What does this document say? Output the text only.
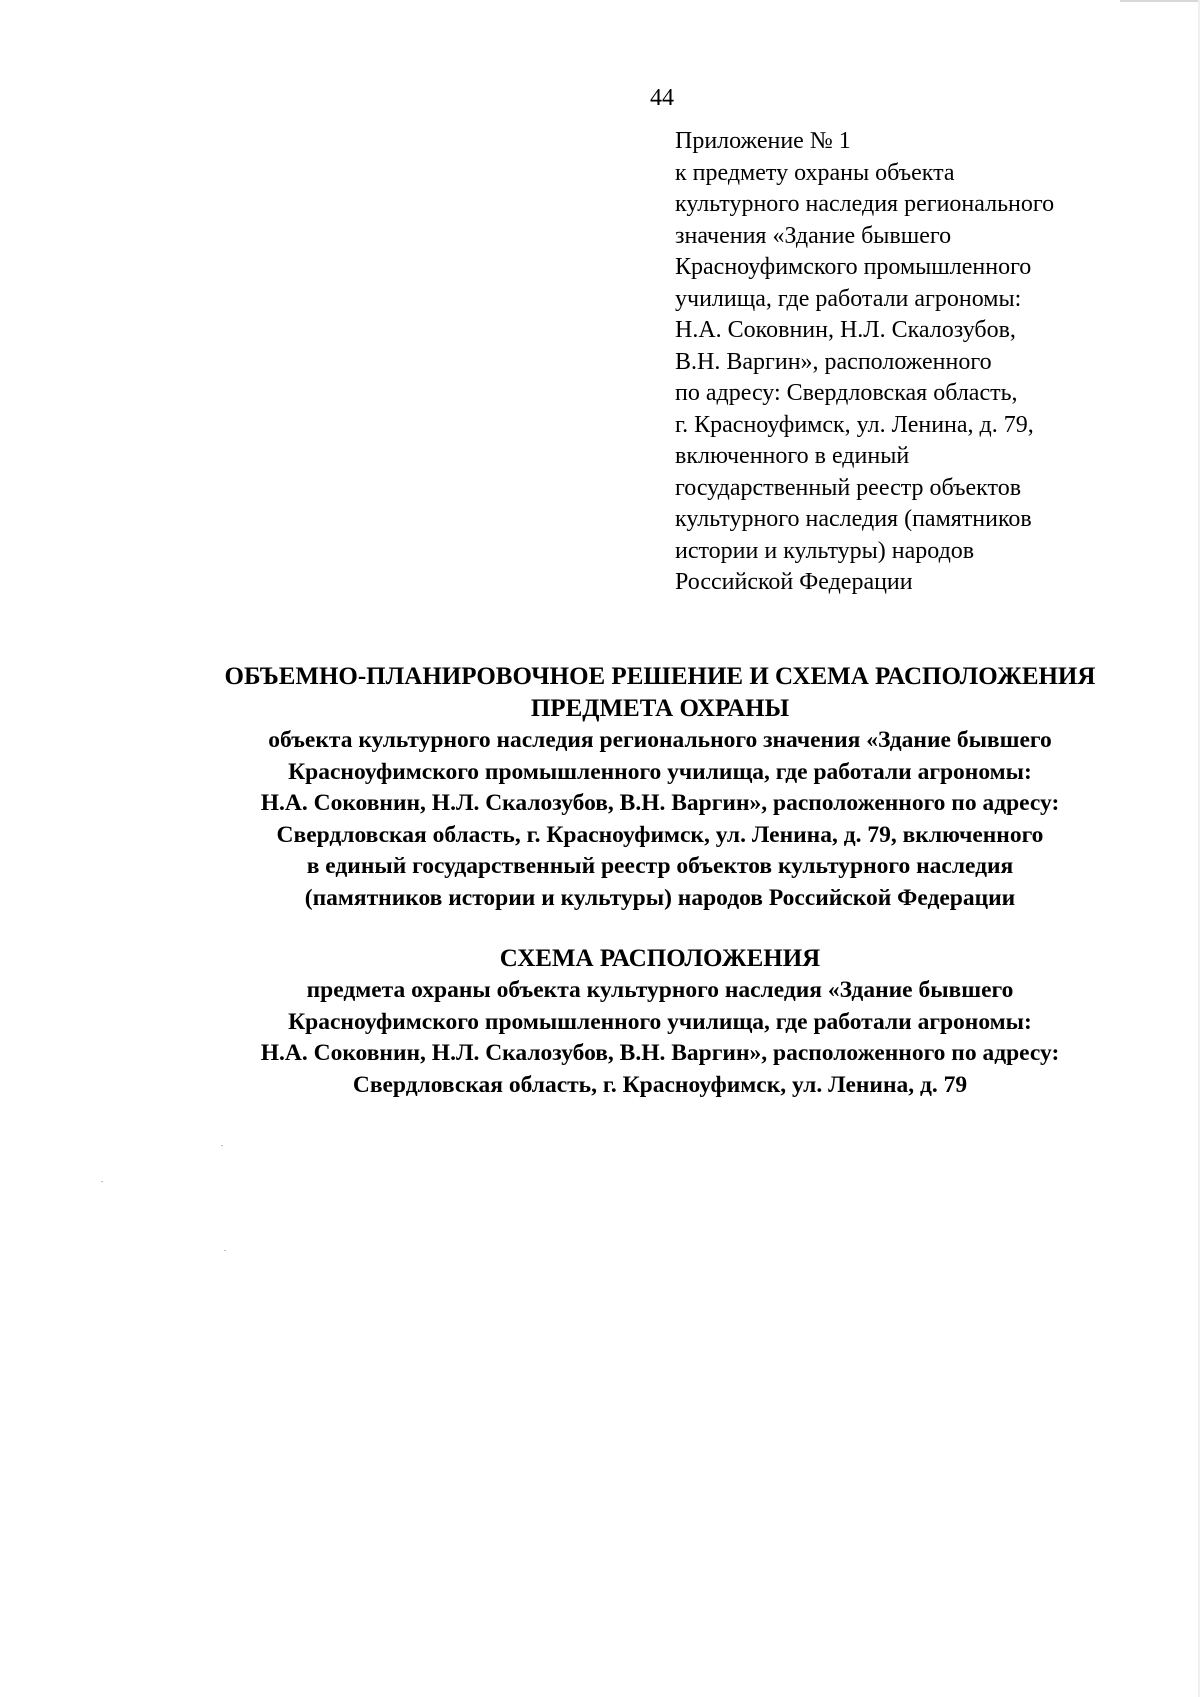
44
Приложение № 1
к предмету охраны объекта
культурного наследия регионального
значения «Здание бывшего
Красноуфимского промышленного
училища, где работали агрономы:
Н.А. Соковнин, Н.Л. Скалозубов,
В.Н. Варгин», расположенного
по адресу: Свердловская область,
г. Красноуфимск, ул. Ленина, д. 79,
включенного в единый
государственный реестр объектов
культурного наследия (памятников
истории и культуры) народов
Российской Федерации
ОБЪЕМНО-ПЛАНИРОВОЧНОЕ РЕШЕНИЕ И СХЕМА РАСПОЛОЖЕНИЯ
ПРЕДМЕТА ОХРАНЫ
объекта культурного наследия регионального значения «Здание бывшего
Красноуфимского промышленного училища, где работали агрономы:
Н.А. Соковнин, Н.Л. Скалозубов, В.Н. Варгин», расположенного по адресу:
Свердловская область, г. Красноуфимск, ул. Ленина, д. 79, включенного
в единый государственный реестр объектов культурного наследия
(памятников истории и культуры) народов Российской Федерации
СХЕМА РАСПОЛОЖЕНИЯ
предмета охраны объекта культурного наследия «Здание бывшего
Красноуфимского промышленного училища, где работали агрономы:
Н.А. Соковнин, Н.Л. Скалозубов, В.Н. Варгин», расположенного по адресу:
Свердловская область, г. Красноуфимск, ул. Ленина, д. 79
